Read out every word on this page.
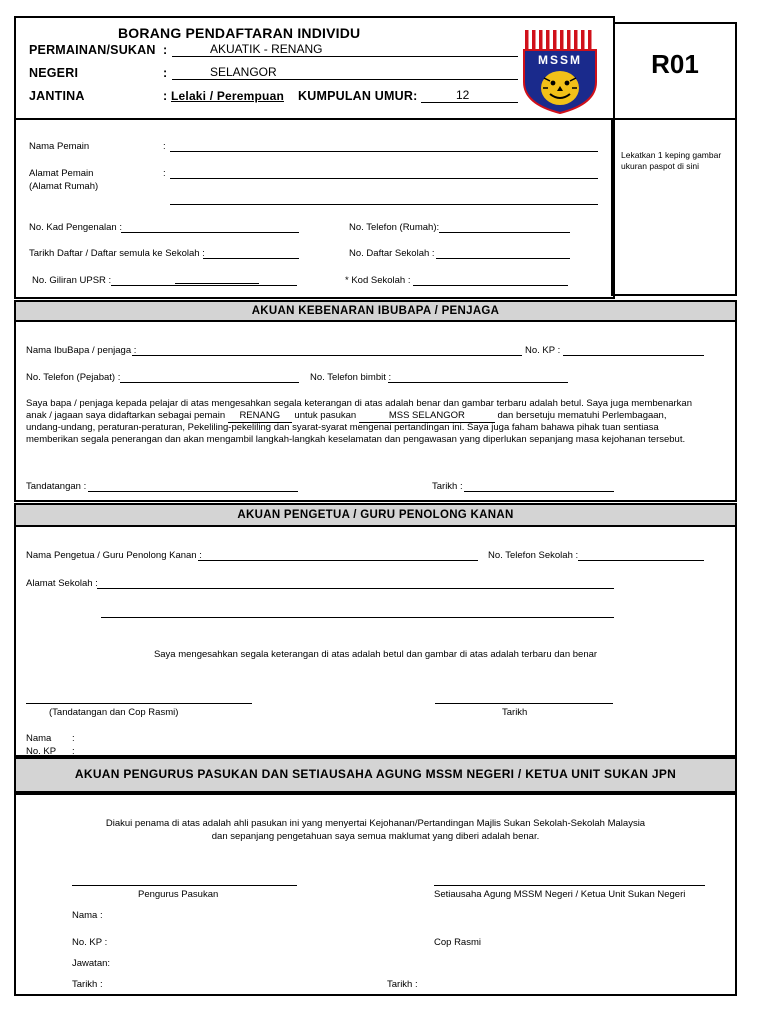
R01
BORANG PENDAFTARAN INDIVIDU
PERMAINAN/SUKAN :	AKUATIK - RENANG
NEGERI	:	SELANGOR
JANTINA	: Lelaki / Perempuan KUMPULAN UMUR:	12
MSSM
Lekatkan 1 keping gambar ukuran paspot di sini
Nama Pemain	:
Alamat Pemain
(Alamat Rumah)
:
No. Kad Pengenalan :	No. Telefon (Rumah):
Tarikh Daftar / Daftar semula ke Sekolah :	No. Daftar Sekolah :
No. Giliran UPSR :	* Kod Sekolah :
AKUAN KEBENARAN IBUBAPA / PENJAGA
Nama IbuBapa / penjaga :	No. KP :
No. Telefon (Pejabat) :	No. Telefon bimbit :
Saya bapa / penjaga kepada pelajar di atas mengesahkan segala keterangan di atas adalah benar dan gambar terbaru adalah betul. Saya juga membenarkan
anak / jagaan saya didaftarkan sebagai pemain RENANG untuk pasukan	MSS SELANGOR	dan bersetuju mematuhi Perlembagaan,
undang-undang, peraturan-peraturan, Pekeliling-pekeliling dan syarat-syarat mengenai pertandingan ini. Saya juga faham bahawa pihak tuan sentiasa
memberikan segala penerangan dan akan mengambil langkah-langkah keselamatan dan pengawasan yang diperlukan sepanjang masa kejohanan tersebut.
Tandatangan :	Tarikh :
AKUAN PENGETUA / GURU PENOLONG KANAN
Nama Pengetua / Guru Penolong Kanan :	No. Telefon Sekolah :
Alamat Sekolah :
Saya mengesahkan segala keterangan di atas adalah betul dan gambar di atas adalah terbaru dan benar
(Tandatangan dan Cop Rasmi)	Tarikh
Nama :
No. KP :
AKUAN PENGURUS PASUKAN DAN SETIAUSAHA AGUNG MSSM NEGERI / KETUA UNIT SUKAN JPN
Diakui penama di atas adalah ahli pasukan ini yang menyertai Kejohanan/Pertandingan Majlis Sukan Sekolah-Sekolah Malaysia
dan sepanjang pengetahuan saya semua maklumat yang diberi adalah benar.
Pengurus Pasukan	Setiausaha Agung MSSM Negeri / Ketua Unit Sukan Negeri
Nama :
No. KP :	Cop Rasmi
Jawatan:
Tarikh :	Tarikh :
